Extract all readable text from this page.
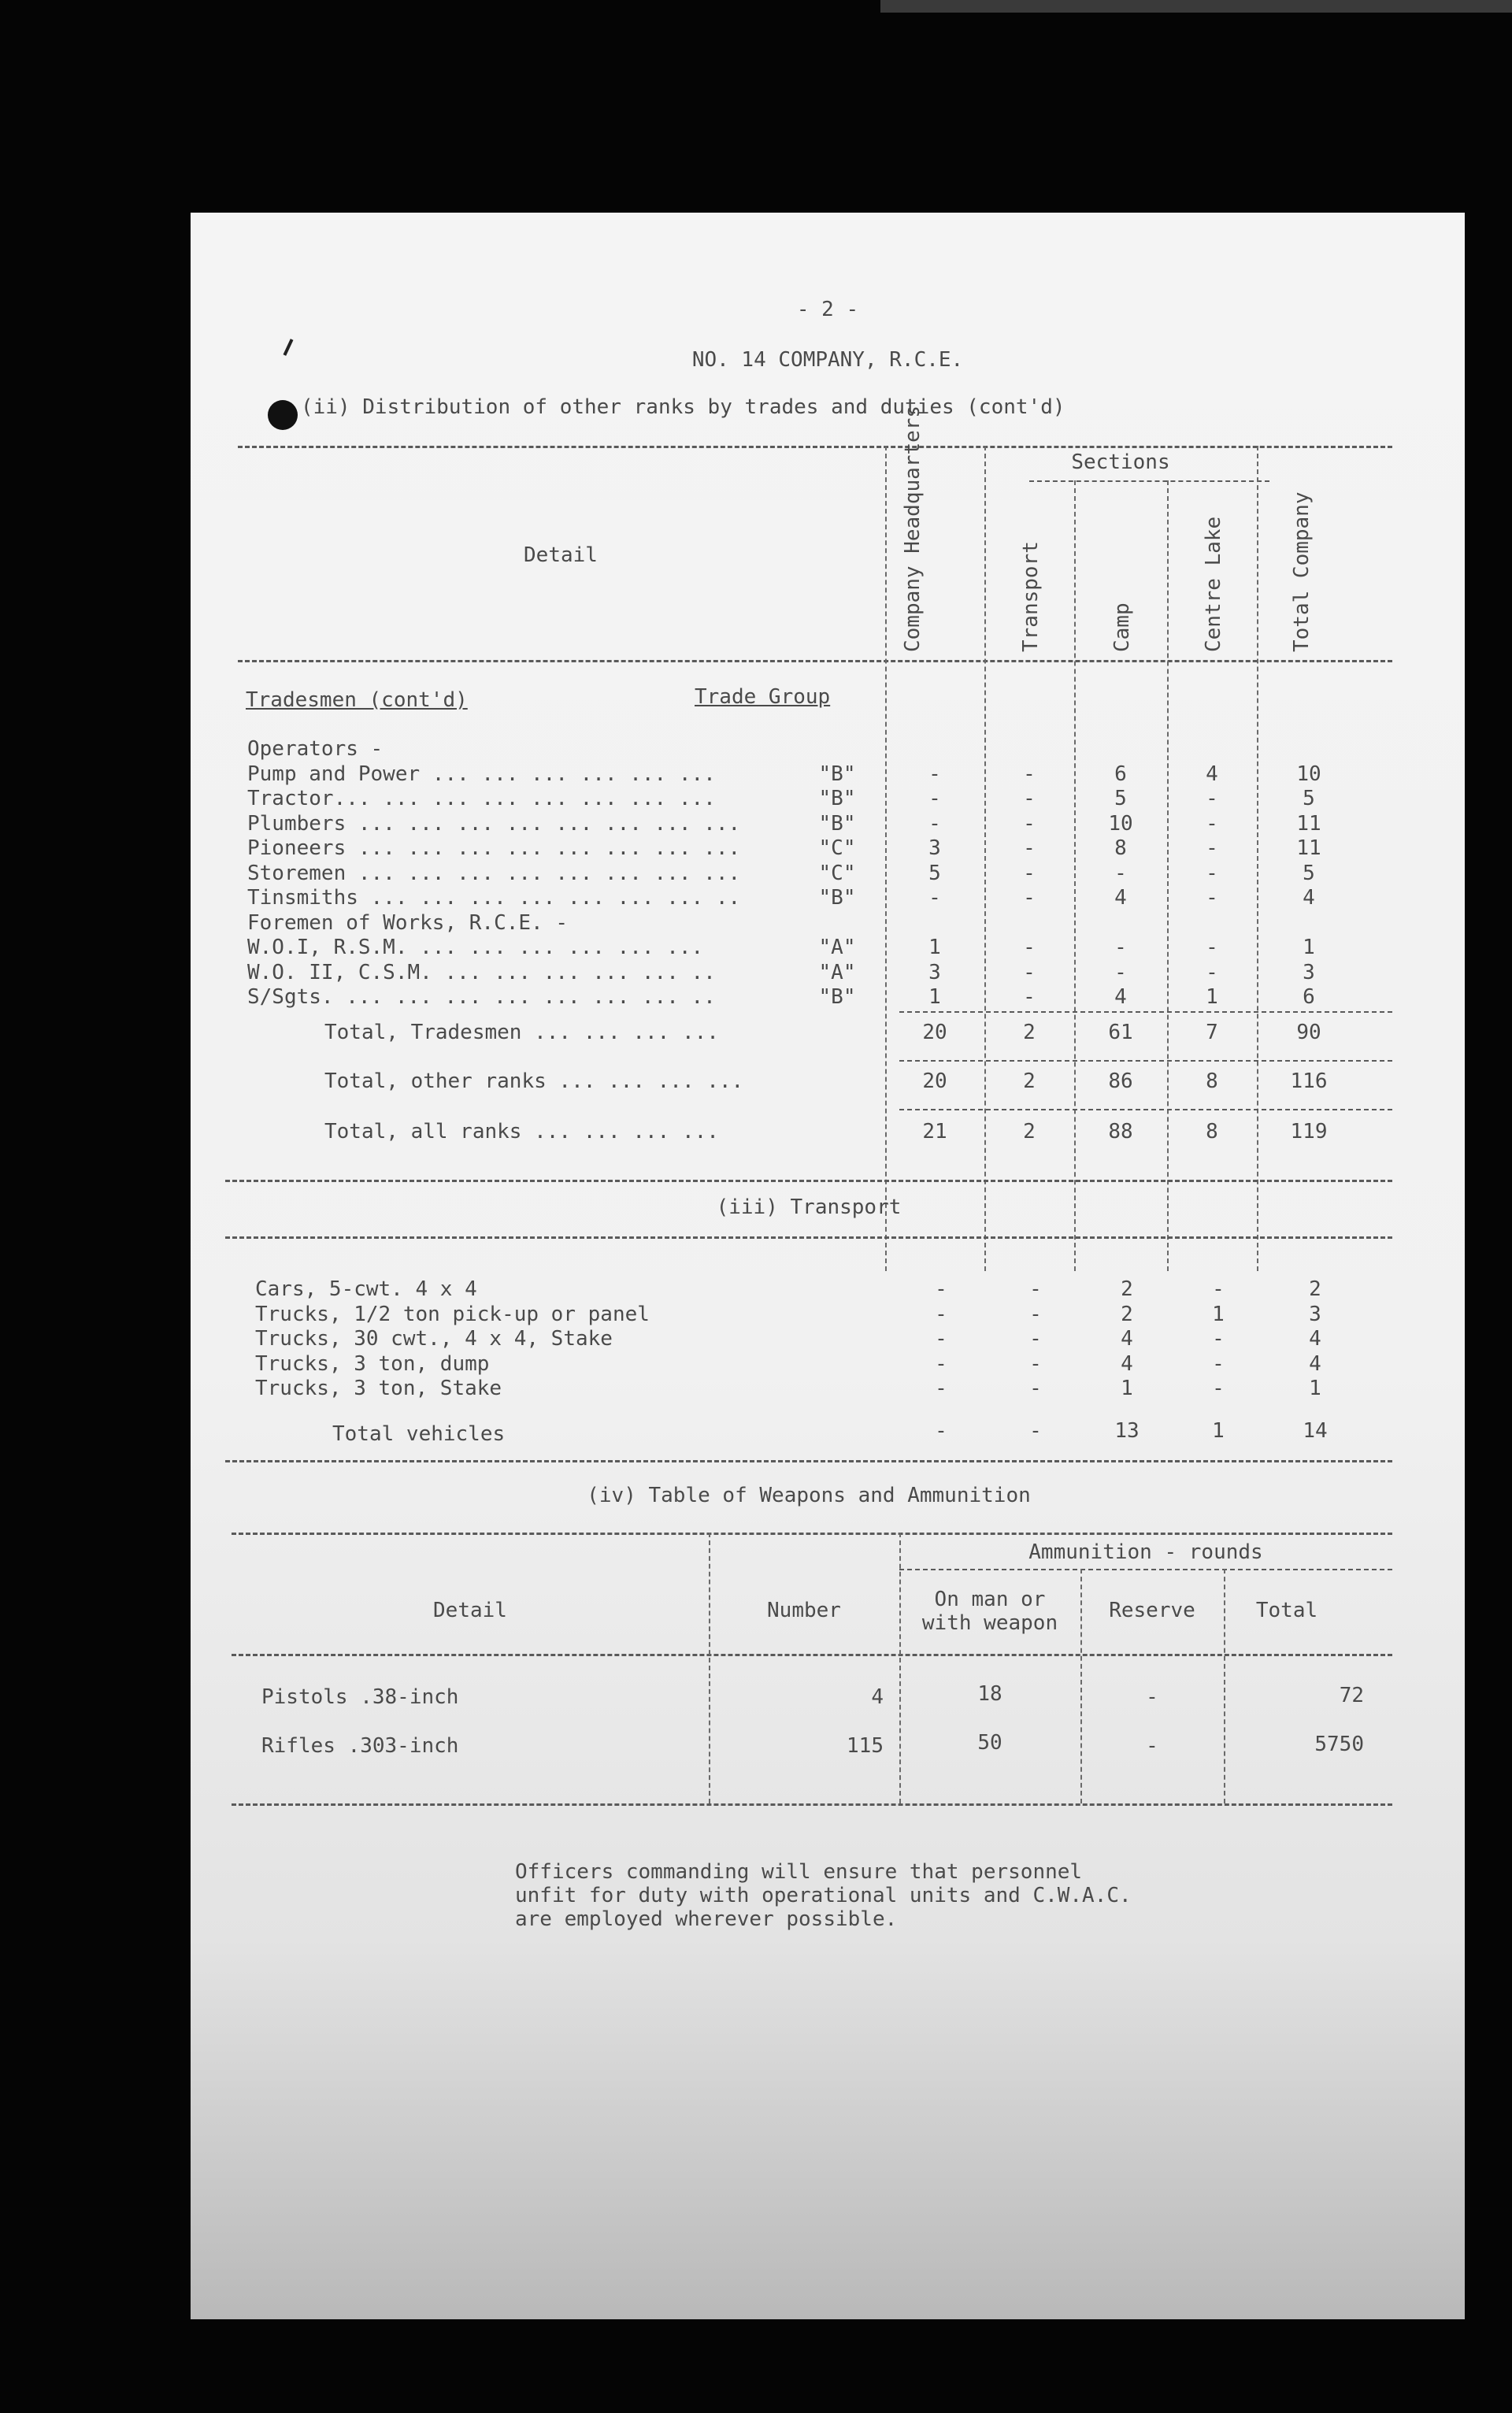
- 2 -
NO. 14 COMPANY, R.C.E.
(ii) Distribution of other ranks by trades and duties (cont'd)
Detail
Sections
Company Headquarters	Transport	Camp	Centre Lake	Total Company
Tradesmen (cont'd)	Trade Group
Operators -
Pump and Power ... ... ... ... ... ...	"B"	-	-	6	4	10
Tractor... ... ... ... ... ... ... ...	"B"	-	-	5	-	5
Plumbers ... ... ... ... ... ... ... ...	"B"	-	-	10	-	11
Pioneers ... ... ... ... ... ... ... ...	"C"	3	-	8	-	11
Storemen ... ... ... ... ... ... ... ...	"C"	5	-	-	-	5
Tinsmiths ... ... ... ... ... ... ... ..	"B"	-	-	4	-	4
Foremen of Works, R.C.E. -
W.O.I, R.S.M. ... ... ... ... ... ...	"A"	1	-	-	-	1
W.O. II, C.S.M. ... ... ... ... ... ..	"A"	3	-	-	-	3
S/Sgts. ... ... ... ... ... ... ... ..	"B"	1	-	4	1	6
Total, Tradesmen ... ... ... ...	20	2	61	7	90
Total, other ranks ... ... ... ...	20	2	86	8	116
Total, all ranks ... ... ... ...	21	2	88	8	119
(iii) Transport
Cars, 5-cwt. 4 x 4	-	-	2	-	2
Trucks, 1/2 ton pick-up or panel	-	-	2	1	3
Trucks, 30 cwt., 4 x 4, Stake	-	-	4	-	4
Trucks, 3 ton, dump	-	-	4	-	4
Trucks, 3 ton, Stake	-	-	1	-	1
Total vehicles	-	-	13	1	14
(iv) Table of Weapons and Ammunition
Detail	Number
Ammunition - rounds
On man or
with weapon
Reserve	Total
Pistols .38-inch	4	18	-	72
Rifles .303-inch	115	50	-	5750
Officers commanding will ensure that personnel
unfit for duty with operational units and C.W.A.C.
are employed wherever possible.
